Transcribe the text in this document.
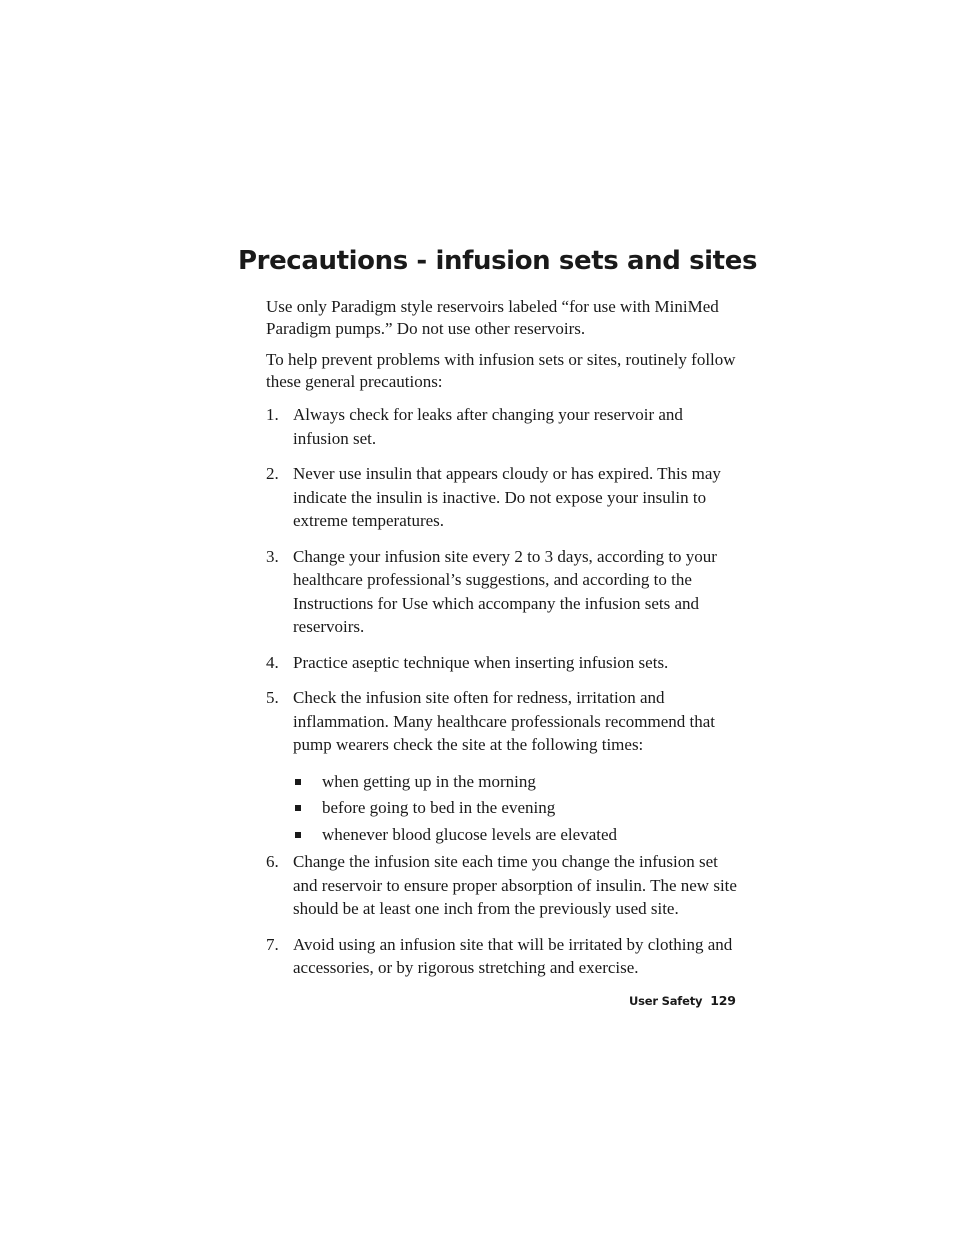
Precautions - infusion sets and sites

Use only Paradigm style reservoirs labeled “for use with MiniMed Paradigm pumps.” Do not use other reservoirs.

To help prevent problems with infusion sets or sites, routinely follow these general precautions:

1. Always check for leaks after changing your reservoir and infusion set.
2. Never use insulin that appears cloudy or has expired. This may indicate the insulin is inactive. Do not expose your insulin to extreme temperatures.
3. Change your infusion site every 2 to 3 days, according to your healthcare professional’s suggestions, and according to the Instructions for Use which accompany the infusion sets and reservoirs.
4. Practice aseptic technique when inserting infusion sets.
5. Check the infusion site often for redness, irritation and inflammation. Many healthcare professionals recommend that pump wearers check the site at the following times:
when getting up in the morning
before going to bed in the evening
whenever blood glucose levels are elevated
6. Change the infusion site each time you change the infusion set and reservoir to ensure proper absorption of insulin. The new site should be at least one inch from the previously used site.
7. Avoid using an infusion site that will be irritated by clothing and accessories, or by rigorous stretching and exercise.
User Safety 129
